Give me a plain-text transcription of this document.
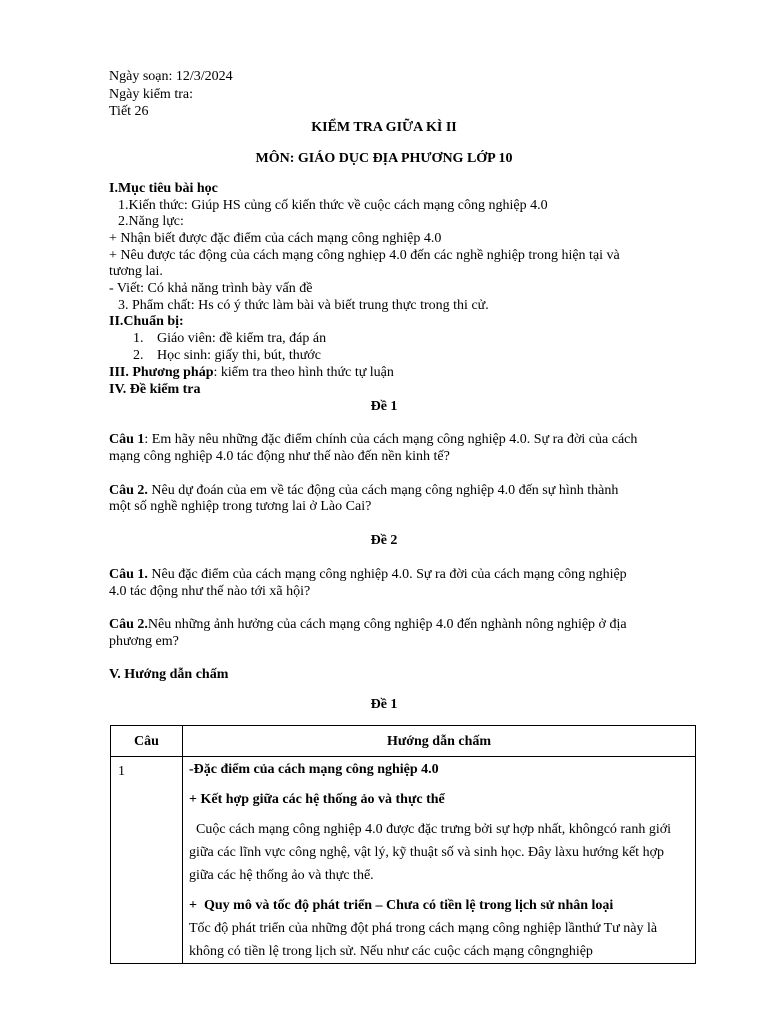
Ngày soạn: 12/3/2024
Ngày kiểm tra:
Tiết 26
KIỂM TRA GIỮA KÌ II
MÔN: GIÁO DỤC ĐỊA PHƯƠNG LỚP 10
I.Mục tiêu bài học
1.Kiến thức: Giúp HS củng cố kiến thức về cuộc cách mạng công nghiệp 4.0
2.Năng lực:
+ Nhận biết được đặc điểm của cách mạng công nghiệp 4.0
+ Nêu được tác động của cách mạng công nghiẹp 4.0 đến các nghề nghiệp trong hiện tại và
tương lai.
- Viết: Có khả năng trình bày vấn đề
3. Phẩm chất: Hs có ý thức làm bài và biết trung thực trong thi cử.
II.Chuẩn bị:
1. Giáo viên: đề kiểm tra, đáp án
2. Học sinh: giấy thi, bút, thước
III. Phương pháp: kiểm tra theo hình thức tự luận
IV. Đề kiểm tra
Đề 1
Câu 1: Em hãy nêu những đặc điểm chính của cách mạng công nghiệp 4.0. Sự ra đời của cách
mạng công nghiệp 4.0 tác động như thế nào đến nền kinh tế?
Câu 2. Nêu dự đoán của em về tác động của cách mạng công nghiệp 4.0 đến sự hình thành
một số nghề nghiệp trong tương lai ở Lào Cai?
Đề 2
Câu 1. Nêu đặc điểm của cách mạng công nghiệp 4.0. Sự ra đời của cách mạng công nghiệp
4.0 tác động như thế nào tới xã hội?
Câu 2.Nêu những ảnh hưởng của cách mạng công nghiệp 4.0 đến nghành nông nghiệp ở địa
phương em?
V. Hướng dẫn chấm
Đề 1
Câu	Hướng dẫn chấm
1	-Đặc điểm của cách mạng công nghiệp 4.0

+ Kết hợp giữa các hệ thống ảo và thực thể

Cuộc cách mạng công nghiệp 4.0 được đặc trưng bởi sự hợp nhất, khôngcó ranh giới giữa các lĩnh vực công nghệ, vật lý, kỹ thuật số và sinh học. Đây làxu hướng kết hợp giữa các hệ thống ảo và thực thể.

+  Quy mô và tốc độ phát triển – Chưa có tiền lệ trong lịch sử nhân loại

Tốc độ phát triển của những đột phá trong cách mạng công nghiệp lầnthứ Tư này là không có tiền lệ trong lịch sử. Nếu như các cuộc cách mạng côngnghiệp
